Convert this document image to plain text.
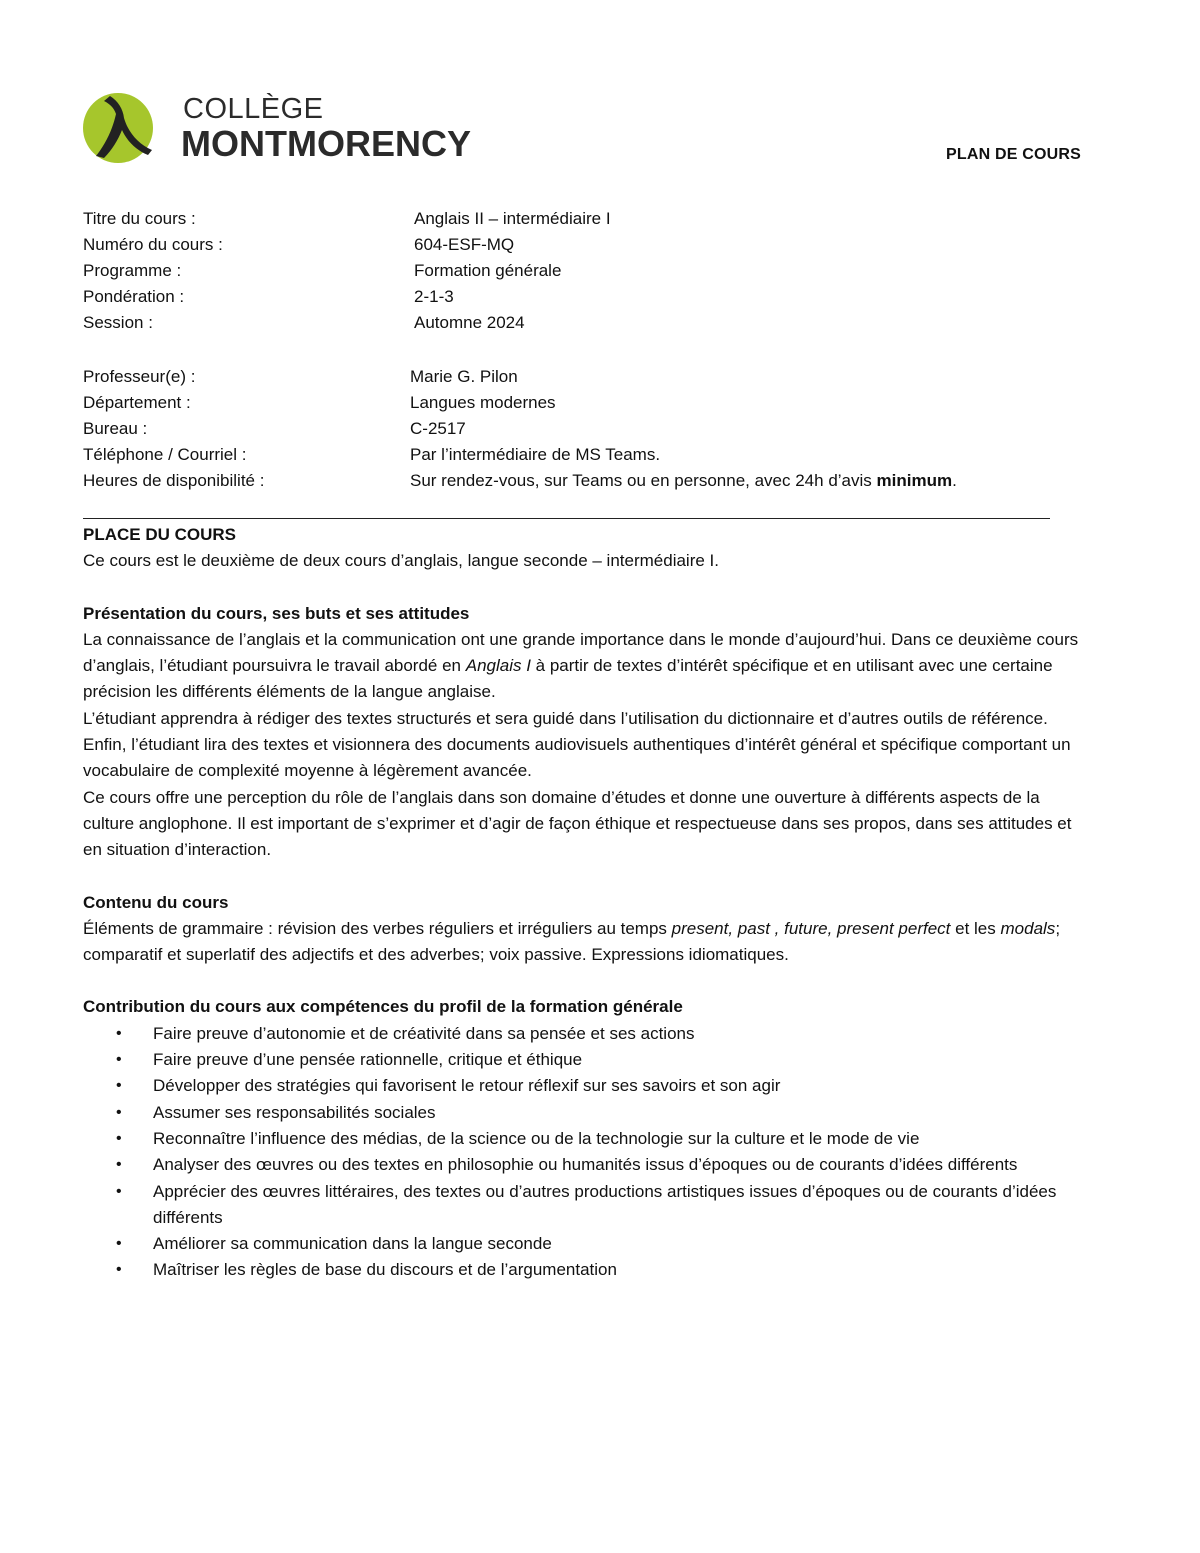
COLLÈGE
MONTMORENCY	PLAN DE COURS
Titre du cours :	Anglais II – intermédiaire I
Numéro du cours :	604-ESF-MQ
Programme :	Formation générale
Pondération :	2-1-3
Session :	Automne 2024
Professeur(e) :	Marie G. Pilon
Département :	Langues modernes
Bureau :	C-2517
Téléphone / Courriel :	Par l’intermédiaire de MS Teams.
Heures de disponibilité :	Sur rendez-vous, sur Teams ou en personne, avec 24h d’avis minimum.

PLACE DU COURS

Ce cours est le deuxième de deux cours d’anglais, langue seconde – intermédiaire I.

Présentation du cours, ses buts et ses attitudes

La connaissance de l’anglais et la communication ont une grande importance dans le monde d’aujourd’hui. Dans ce deuxième cours d’anglais, l’étudiant poursuivra le travail abordé en Anglais I à partir de textes d’intérêt spécifique et en utilisant avec une certaine précision les différents éléments de la langue anglaise.

L’étudiant apprendra à rédiger des textes structurés et sera guidé dans l’utilisation du dictionnaire et d’autres outils de référence. Enfin, l’étudiant lira des textes et visionnera des documents audiovisuels authentiques d’intérêt général et spécifique comportant un vocabulaire de complexité moyenne à légèrement avancée.

Ce cours offre une perception du rôle de l’anglais dans son domaine d’études et donne une ouverture à différents aspects de la culture anglophone. Il est important de s’exprimer et d’agir de façon éthique et respectueuse dans ses propos, dans ses attitudes et en situation d’interaction.

Contenu du cours

Éléments de grammaire : révision des verbes réguliers et irréguliers au temps present, past , future, present perfect et les modals; comparatif et superlatif des adjectifs et des adverbes; voix passive. Expressions idiomatiques.

Contribution du cours aux compétences du profil de la formation générale

• Faire preuve d’autonomie et de créativité dans sa pensée et ses actions
• Faire preuve d’une pensée rationnelle, critique et éthique
• Développer des stratégies qui favorisent le retour réflexif sur ses savoirs et son agir
• Assumer ses responsabilités sociales
• Reconnaître l’influence des médias, de la science ou de la technologie sur la culture et le mode de vie
• Analyser des œuvres ou des textes en philosophie ou humanités issus d’époques ou de courants d’idées différents
• Apprécier des œuvres littéraires, des textes ou d’autres productions artistiques issues d’époques ou de courants d’idées différents
• Améliorer sa communication dans la langue seconde
• Maîtriser les règles de base du discours et de l’argumentation
